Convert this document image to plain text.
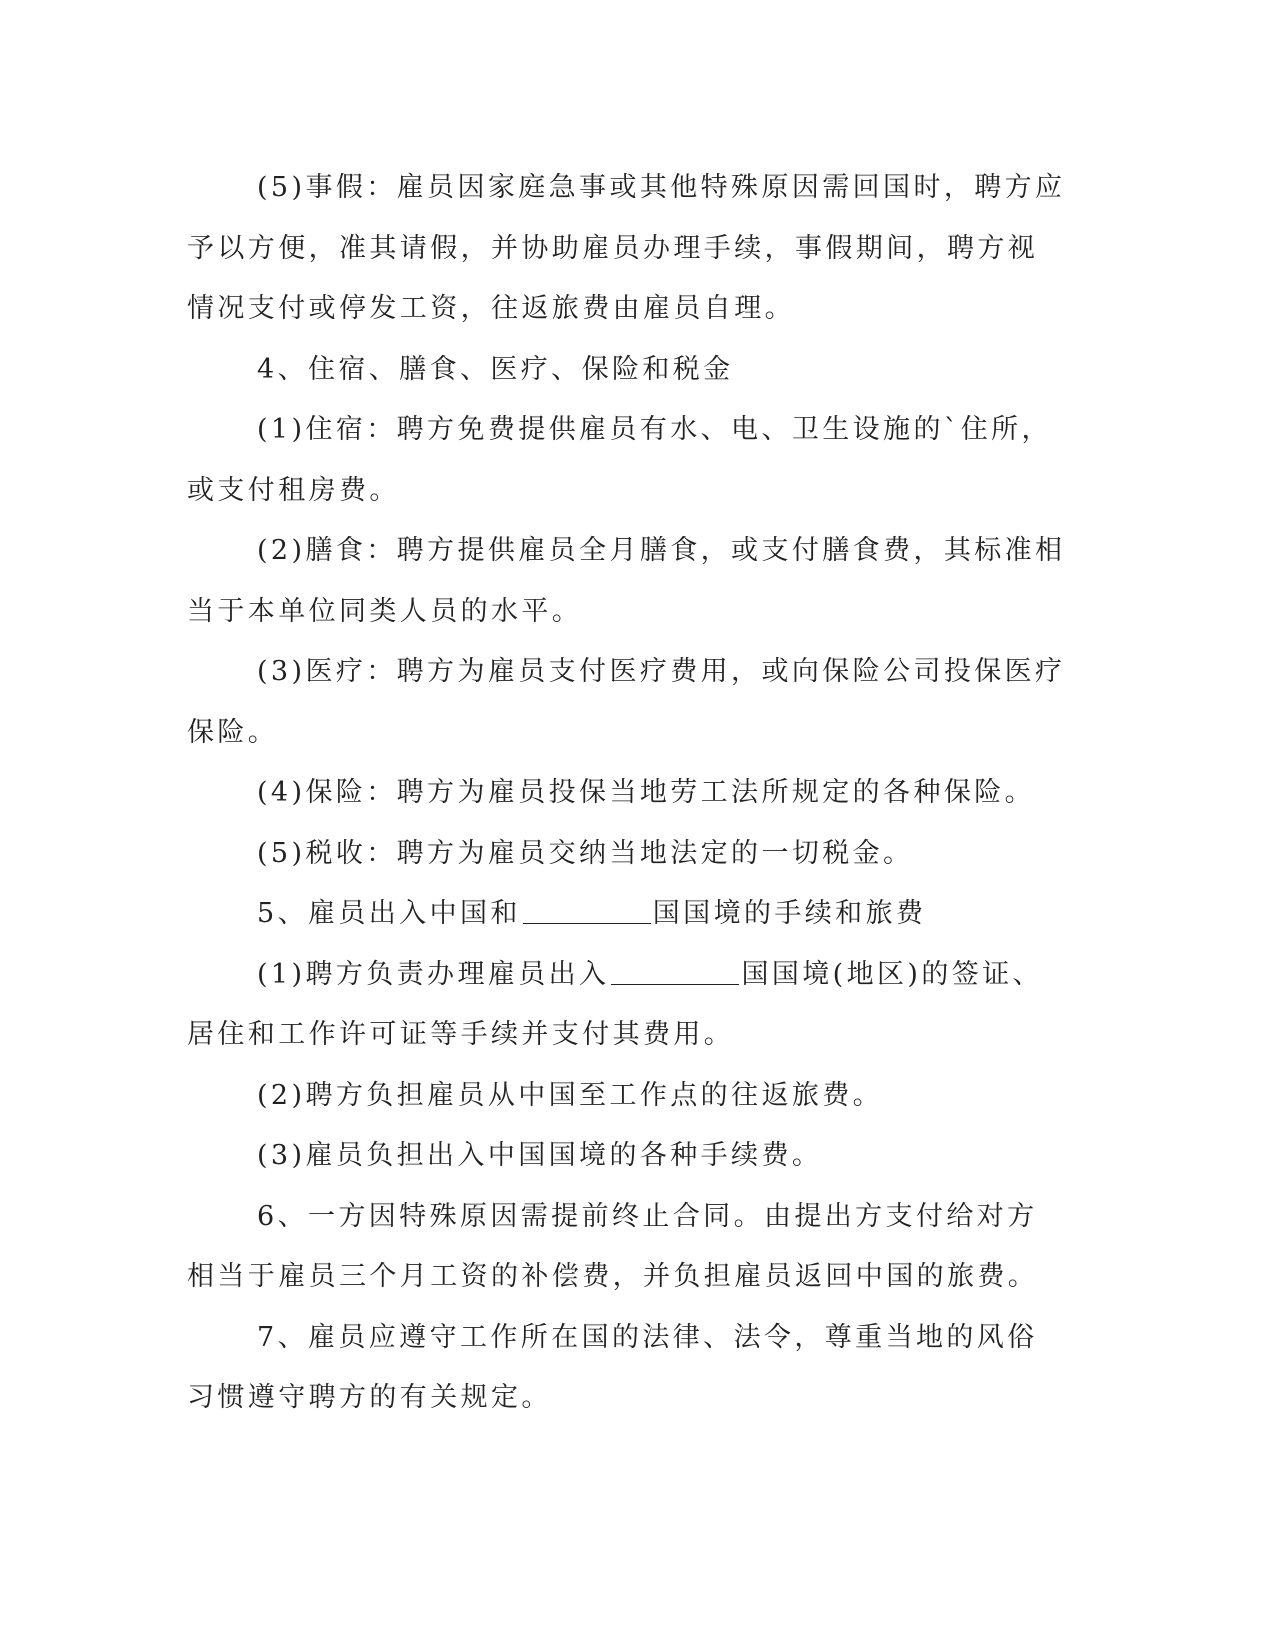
(5)事假：雇员因家庭急事或其他特殊原因需回国时，聘方应予以方便，准其请假，并协助雇员办理手续，事假期间，聘方视情况支付或停发工资，往返旅费由雇员自理。

4、住宿、膳食、医疗、保险和税金

(1)住宿：聘方免费提供雇员有水、电、卫生设施的`住所，或支付租房费。

(2)膳食：聘方提供雇员全月膳食，或支付膳食费，其标准相当于本单位同类人员的水平。

(3)医疗：聘方为雇员支付医疗费用，或向保险公司投保医疗保险。

(4)保险：聘方为雇员投保当地劳工法所规定的各种保险。

(5)税收：聘方为雇员交纳当地法定的一切税金。

5、雇员出入中国和	国国境的手续和旅费

(1)聘方负责办理雇员出入	国国境(地区)的签证、居住和工作许可证等手续并支付其费用。

(2)聘方负担雇员从中国至工作点的往返旅费。

(3)雇员负担出入中国国境的各种手续费。

6、一方因特殊原因需提前终止合同。由提出方支付给对方相当于雇员三个月工资的补偿费，并负担雇员返回中国的旅费。

7、雇员应遵守工作所在国的法律、法令，尊重当地的风俗习惯遵守聘方的有关规定。
